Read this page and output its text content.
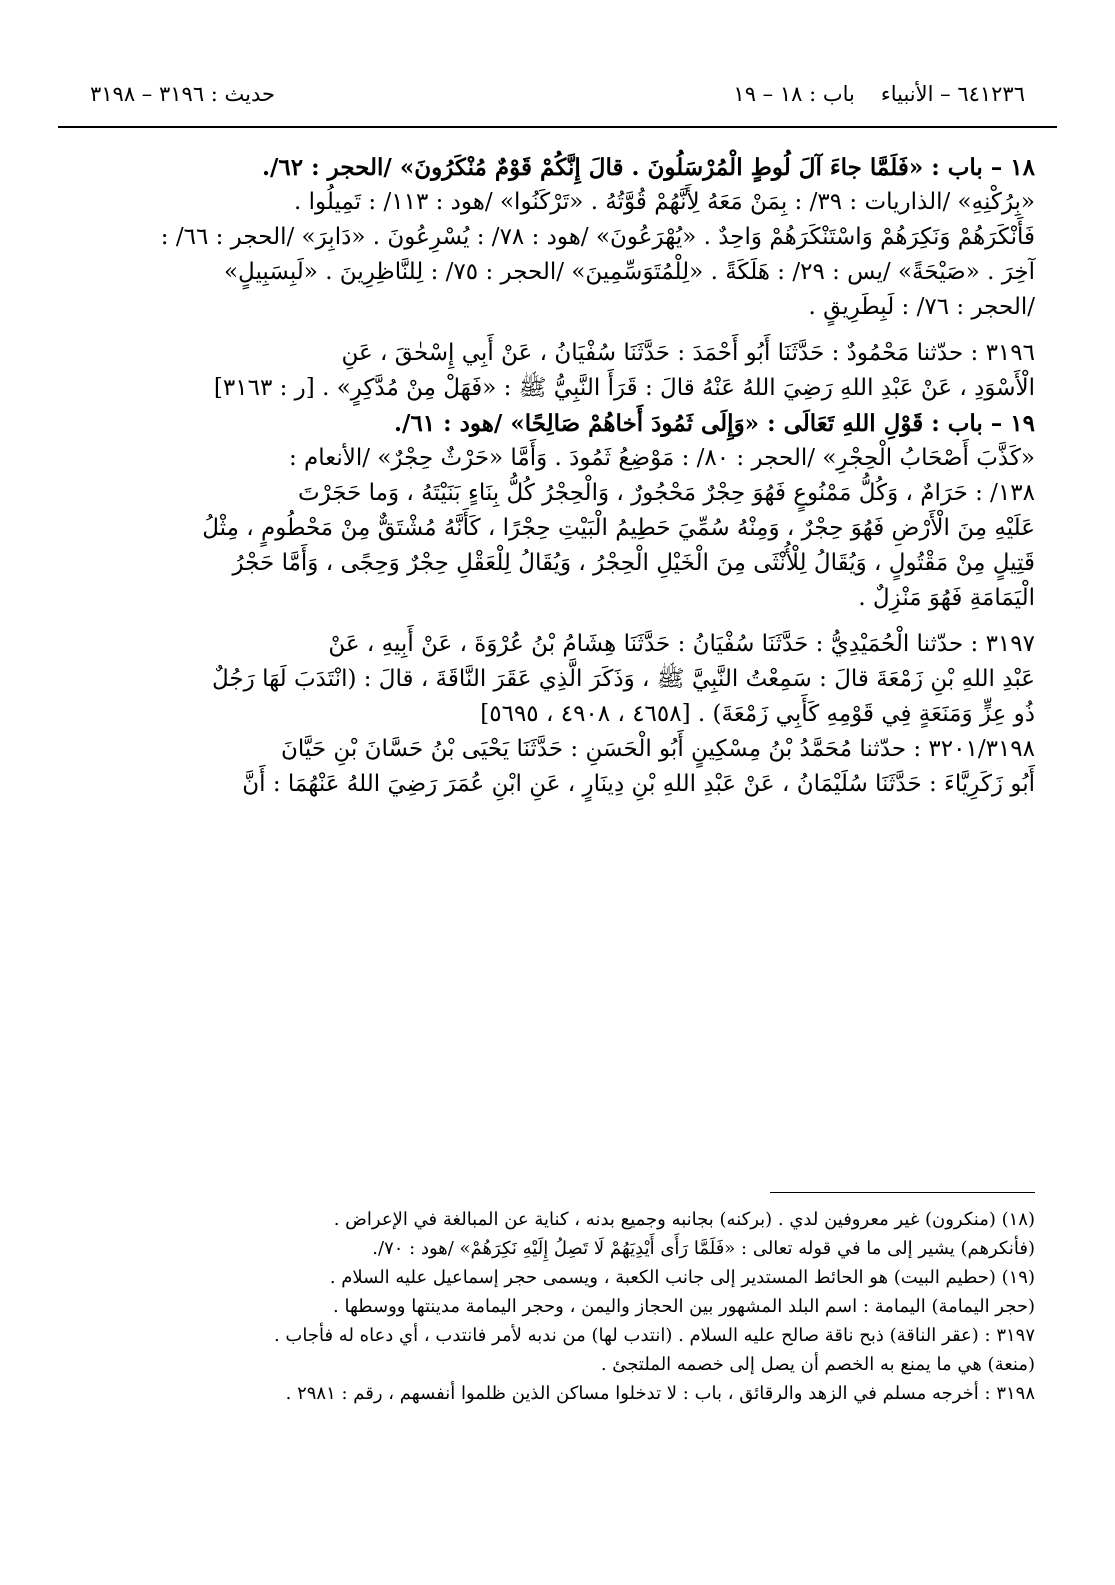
١٢٣٦
٦٤ – الأنبياء
باب : ١٨ – ١٩
حديث : ٣١٩٦ – ٣١٩٨

١٨ – باب : «فَلَمَّا جاءَ آلَ لُوطٍ الْمُرْسَلُونَ . قالَ إِنَّكُمْ قَوْمٌ مُنْكَرُونَ» /الحجر : ٦٢/.

«بِرُكْنِهِ» /الذاريات : ٣٩/ : بِمَنْ مَعَهُ لِأَنَّهُمْ قُوَّتُهُ . «تَرْكَنُوا» /هود : ١١٣/ : تَمِيلُوا .

فَأَنْكَرَهُمْ وَنَكِرَهُمْ وَاسْتَنْكَرَهُمْ وَاحِدٌ . «يُهْرَعُونَ» /هود : ٧٨/ : يُسْرِعُونَ . «دَابِرَ» /الحجر : ٦٦/ :

آخِرَ . «صَيْحَةً» /يس : ٢٩/ : هَلَكَةً . «لِلْمُتَوَسِّمِينَ» /الحجر : ٧٥/ : لِلنَّاظِرِينَ . «لَبِسَبِيلٍ»

/الحجر : ٧٦/ : لَبِطَرِيقٍ .

٣١٩٦ : حدّثنا مَحْمُودٌ : حَدَّثَنَا أَبُو أَحْمَدَ : حَدَّثَنَا سُفْيَانُ ، عَنْ أَبِي إِسْحٰقَ ، عَنِ

الْأَسْوَدِ ، عَنْ عَبْدِ اللهِ رَضِيَ اللهُ عَنْهُ قالَ : قَرَأَ النَّبِيُّ ﷺ : «فَهَلْ مِنْ مُدَّكِرٍ» . [ر : ٣١٦٣]

١٩ – باب : قَوْلِ اللهِ تَعَالَى : «وَإِلَى ثَمُودَ أَخاهُمْ صَالِحًا» /هود : ٦١/.

«كَذَّبَ أَصْحَابُ الْحِجْرِ» /الحجر : ٨٠/ : مَوْضِعُ ثَمُودَ . وَأَمَّا «حَرْثٌ حِجْرٌ» /الأنعام :

١٣٨/ : حَرَامٌ ، وَكُلُّ مَمْنُوعٍ فَهُوَ حِجْرٌ مَحْجُورٌ ، وَالْحِجْرُ كُلُّ بِنَاءٍ بَنَيْتَهُ ، وَما حَجَرْتَ

عَلَيْهِ مِنَ الْأَرْضِ فَهُوَ حِجْرٌ ، وَمِنْهُ سُمِّيَ حَطِيمُ الْبَيْتِ حِجْرًا ، كَأَنَّهُ مُشْتَقٌّ مِنْ مَحْطُومٍ ، مِثْلُ

قَتِيلٍ مِنْ مَقْتُولٍ ، وَيُقَالُ لِلْأُنْثَى مِنَ الْخَيْلِ الْحِجْرُ ، وَيُقَالُ لِلْعَقْلِ حِجْرٌ وَحِجًى ، وَأَمَّا حَجْرُ

الْيَمَامَةِ فَهُوَ مَنْزِلٌ .

٣١٩٧ : حدّثنا الْحُمَيْدِيُّ : حَدَّثَنَا سُفْيَانُ : حَدَّثَنَا هِشَامُ بْنُ عُرْوَةَ ، عَنْ أَبِيهِ ، عَنْ

عَبْدِ اللهِ بْنِ زَمْعَةَ قالَ : سَمِعْتُ النَّبِيَّ ﷺ ، وَذَكَرَ الَّذِي عَقَرَ النَّاقَةَ ، قالَ : (انْتَدَبَ لَهَا رَجُلٌ

ذُو عِزٍّ وَمَنَعَةٍ فِي قَوْمِهِ كَأَبِي زَمْعَةَ) . [٤٦٥٨ ، ٤٩٠٨ ، ٥٦٩٥]

٣٢٠١/٣١٩٨ : حدّثنا مُحَمَّدُ بْنُ مِسْكِينٍ أَبُو الْحَسَنِ : حَدَّثَنَا يَحْيَى بْنُ حَسَّانَ بْنِ حَيَّانَ

أَبُو زَكَرِيَّاءَ : حَدَّثَنَا سُلَيْمَانُ ، عَنْ عَبْدِ اللهِ بْنِ دِينَارٍ ، عَنِ ابْنِ عُمَرَ رَضِيَ اللهُ عَنْهُمَا : أَنَّ

(١٨) (منكرون) غير معروفين لدي . (بركنه) بجانبه وجميع بدنه ، كناية عن المبالغة في الإعراض .

(فأنكرهم) يشير إلى ما في قوله تعالى : «فَلَمَّا رَأَى أَيْدِيَهُمْ لَا تَصِلُ إِلَيْهِ نَكِرَهُمْ» /هود : ٧٠/.

(١٩) (حطيم البيت) هو الحائط المستدير إلى جانب الكعبة ، ويسمى حجر إسماعيل عليه السلام .

(حجر اليمامة) اليمامة : اسم البلد المشهور بين الحجاز واليمن ، وحجر اليمامة مدينتها ووسطها .

٣١٩٧ : (عقر الناقة) ذبح ناقة صالح عليه السلام . (انتدب لها) من ندبه لأمر فانتدب ، أي دعاه له فأجاب .

(منعة) هي ما يمنع به الخصم أن يصل إلى خصمه الملتجئ .

٣١٩٨ : أخرجه مسلم في الزهد والرقائق ، باب : لا تدخلوا مساكن الذين ظلموا أنفسهم ، رقم : ٢٩٨١ .
